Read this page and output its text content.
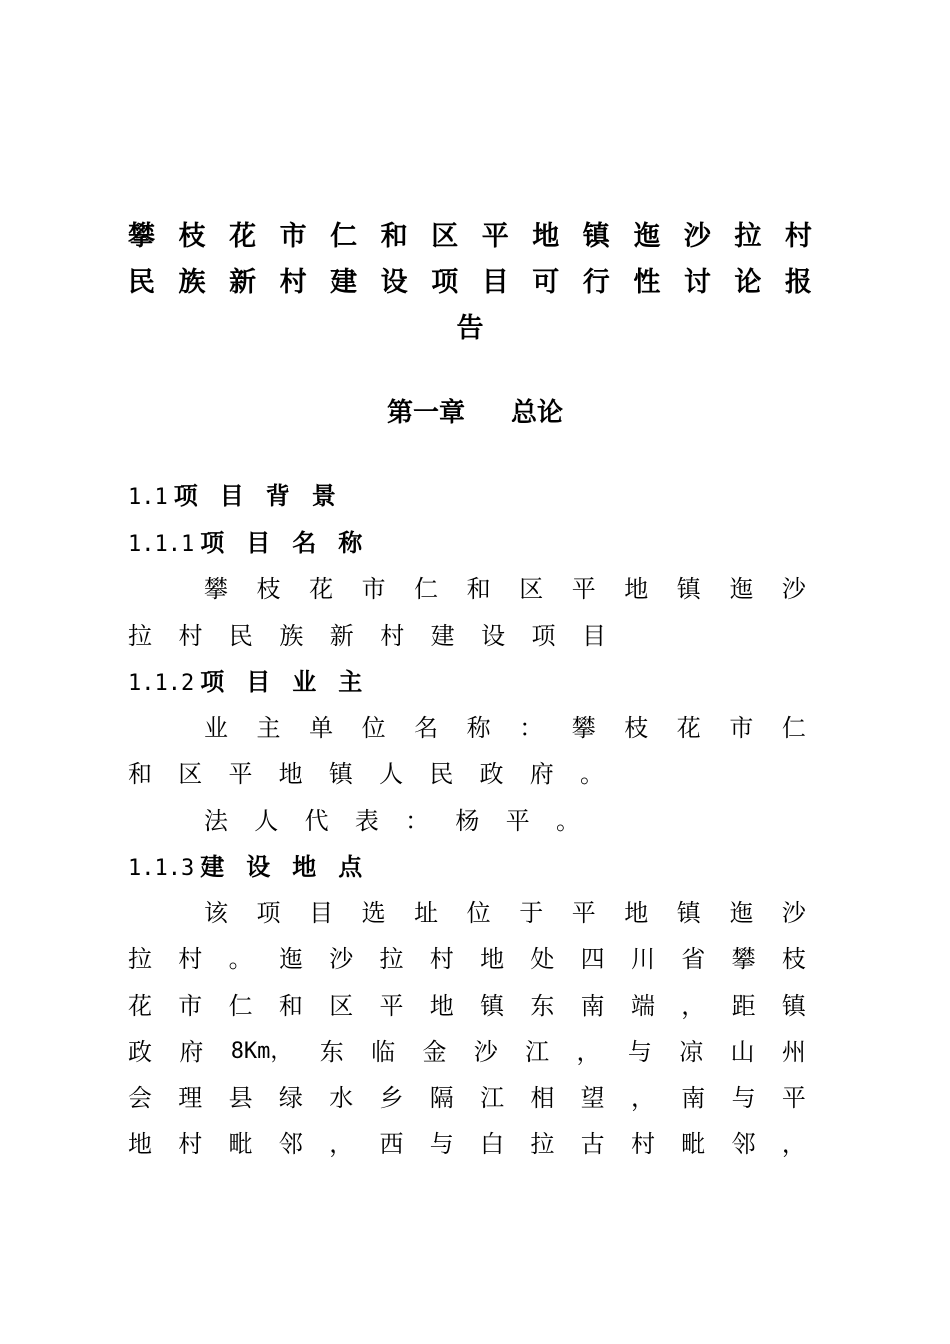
攀 枝 花 市 仁 和 区 平 地 镇 迤 沙 拉 村
民 族 新 村 建 设 项 目 可 行 性 讨 论 报
告
第一章 总论
1.1 项 目 背 景
1.1.1 项 目 名 称
攀 枝 花 市 仁 和 区 平 地 镇 迤 沙
拉 村 民 族 新 村 建 设 项 目
1.1.2 项 目 业 主
业 主 单 位 名 称 ： 攀 枝 花 市 仁
和 区 平 地 镇 人 民 政 府 。
法 人 代 表 ： 杨 平 。
1.1.3 建 设 地 点
该 项 目 选 址 位 于 平 地 镇 迤 沙
拉 村 。 迤 沙 拉 村 地 处 四 川 省 攀 枝
花 市 仁 和 区 平 地 镇 东 南 端 ， 距 镇
政 府 8Km， 东 临 金 沙 江 ， 与 凉 山 州
会 理 县 绿 水 乡 隔 江 相 望 ， 南 与 平
地 村 毗 邻 ， 西 与 白 拉 古 村 毗 邻 ，
